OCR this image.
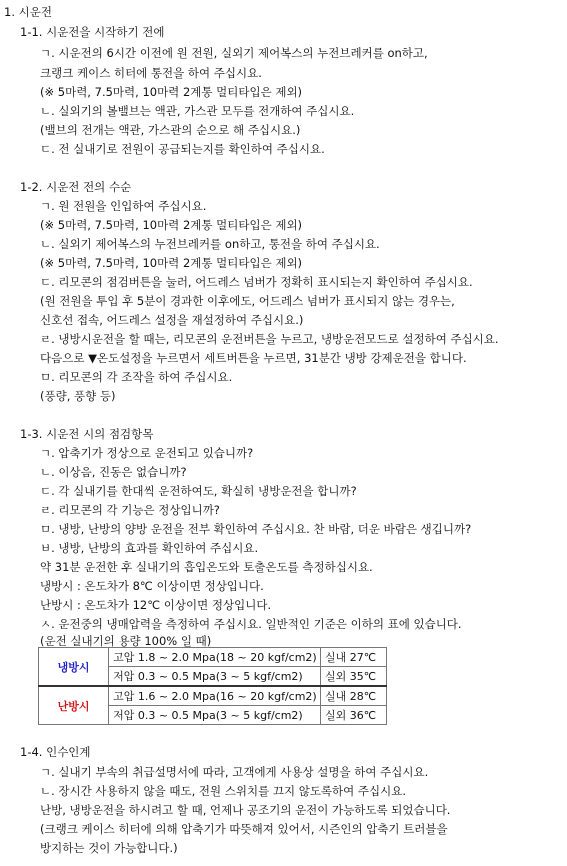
1. 시운전
1-1. 시운전을 시작하기 전에
ㄱ. 시운전의 6시간 이전에 원 전원, 실외기 제어복스의 누전브레커를 on하고,
크랭크 케이스 히터에 통전을 하여 주십시요.
(※ 5마력, 7.5마력, 10마력 2계통 멀티타입은 제외)
ㄴ. 실외기의 볼밸브는 액관, 가스관 모두를 전개하여 주십시요.
(밸브의 전개는 액관, 가스관의 순으로 해 주십시요.)
ㄷ. 전 실내기로 전원이 공급되는지를 확인하여 주십시요.
1-2. 시운전 전의 수순
ㄱ. 원 전원을 인입하여 주십시요.
(※ 5마력, 7.5마력, 10마력 2계통 멀티타입은 제외)
ㄴ. 실외기 제어복스의 누전브레커를 on하고, 통전을 하여 주십시요.
(※ 5마력, 7.5마력, 10마력 2계통 멀티타입은 제외)
ㄷ. 리모콘의 점검버튼을 눌러, 어드레스 넘버가 정확히 표시되는지 확인하여 주십시요.
(원 전원을 투입 후 5분이 경과한 이후에도, 어드레스 넘버가 표시되지 않는 경우는,
신호선 접속, 어드레스 설정을 재설정하여 주십시요.)
ㄹ. 냉방시운전을 할 때는, 리모콘의 운전버튼을 누르고, 냉방운전모드로 설정하여 주십시요.
다음으로 ▼온도설정을 누르면서 세트버튼을 누르면, 31분간 냉방 강제운전을 합니다.
ㅁ. 리모콘의 각 조작을 하여 주십시요.
(풍량, 풍향 등)
1-3. 시운전 시의 점검항목
ㄱ. 압축기가 정상으로 운전되고 있습니까?
ㄴ. 이상음, 진동은 없습니까?
ㄷ. 각 실내기를 한대씩 운전하여도, 확실히 냉방운전을 합니까?
ㄹ. 리모콘의 각 기능은 정상입니까?
ㅁ. 냉방, 난방의 양방 운전을 전부 확인하여 주십시요. 찬 바람, 더운 바람은 생깁니까?
ㅂ. 냉방, 난방의 효과를 확인하여 주십시요.
약 31분 운전한 후 실내기의 흡입온도와 토출온도를 측정하십시요.
냉방시 : 온도차가 8℃ 이상이면 정상입니다.
난방시 : 온도차가 12℃ 이상이면 정상입니다.
ㅅ. 운전중의 냉매압력을 측정하여 주십시요. 일반적인 기준은 이하의 표에 있습니다.
(운전 실내기의 용량 100% 일 때)
냉방시	고압 1.8 ~ 2.0 Mpa(18 ~ 20 kgf/cm2)	실내 27℃
	저압 0.3 ~ 0.5 Mpa(3 ~ 5 kgf/cm2)	실외 35℃
난방시	고압 1.6 ~ 2.0 Mpa(16 ~ 20 kgf/cm2)	실내 28℃
	저압 0.3 ~ 0.5 Mpa(3 ~ 5 kgf/cm2)	실외 36℃
1-4. 인수인계
ㄱ. 실내기 부속의 취급설명서에 따라, 고객에게 사용상 설명을 하여 주십시요.
ㄴ. 장시간 사용하지 않을 때도, 전원 스위치를 끄지 않도록하여 주십시요.
난방, 냉방운전을 하시려고 할 때, 언제나 공조기의 운전이 가능하도록 되었습니다.
(크랭크 케이스 히터에 의해 압축기가 따뜻해져 있어서, 시즌인의 압축기 트러블을
방지하는 것이 가능합니다.)
